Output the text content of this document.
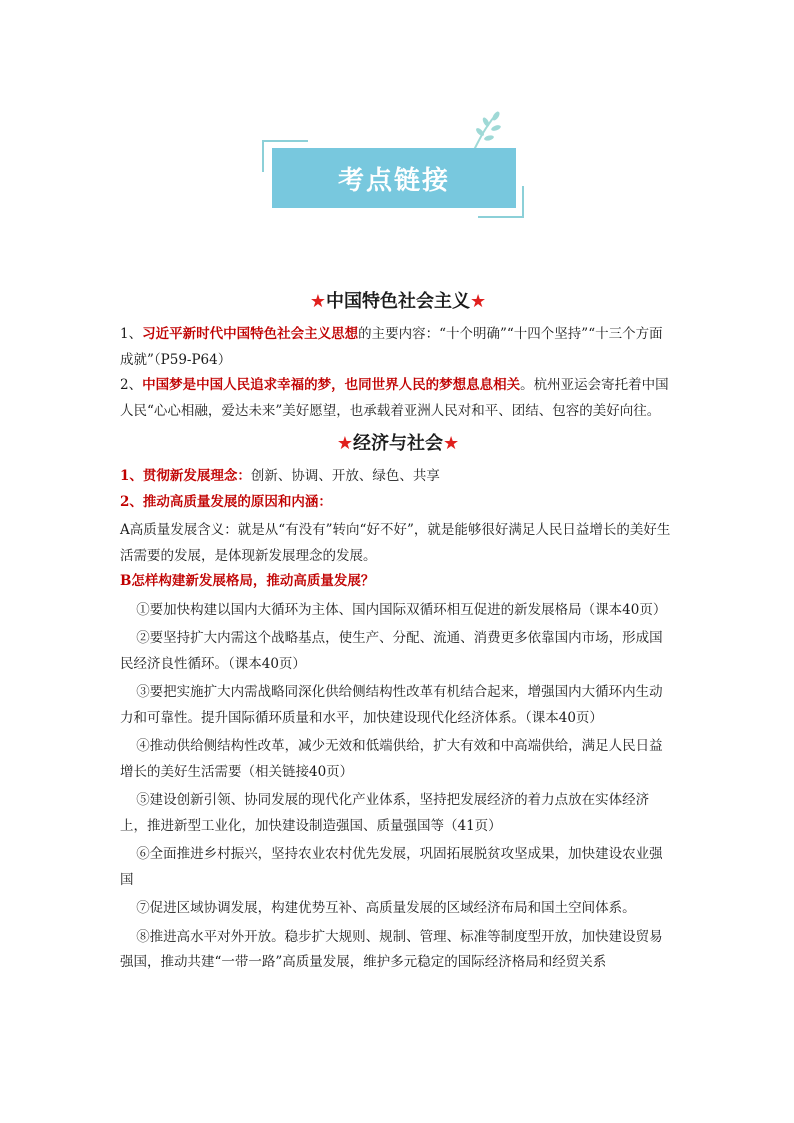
考点链接
★中国特色社会主义★

1、习近平新时代中国特色社会主义思想的主要内容：“十个明确”“十四个坚持”“十三个方面成就”（P59-P64）

2、中国梦是中国人民追求幸福的梦，也同世界人民的梦想息息相关。杭州亚运会寄托着中国人民“心心相融，爱达未来”美好愿望，也承载着亚洲人民对和平、团结、包容的美好向往。

★经济与社会★

1、贯彻新发展理念：创新、协调、开放、绿色、共享

2、推动高质量发展的原因和内涵：

A高质量发展含义：就是从“有没有”转向“好不好”，就是能够很好满足人民日益增长的美好生活需要的发展，是体现新发展理念的发展。

B怎样构建新发展格局，推动高质量发展？

①要加快构建以国内大循环为主体、国内国际双循环相互促进的新发展格局（课本40页）

②要坚持扩大内需这个战略基点，使生产、分配、流通、消费更多依靠国内市场，形成国民经济良性循环。（课本40页）

③要把实施扩大内需战略同深化供给侧结构性改革有机结合起来，增强国内大循环内生动力和可靠性。提升国际循环质量和水平，加快建设现代化经济体系。（课本40页）

④推动供给侧结构性改革，减少无效和低端供给，扩大有效和中高端供给，满足人民日益增长的美好生活需要（相关链接40页）

⑤建设创新引领、协同发展的现代化产业体系，坚持把发展经济的着力点放在实体经济上，推进新型工业化，加快建设制造强国、质量强国等（41页）

⑥全面推进乡村振兴，坚持农业农村优先发展，巩固拓展脱贫攻坚成果，加快建设农业强国

⑦促进区域协调发展，构建优势互补、高质量发展的区域经济布局和国土空间体系。

⑧推进高水平对外开放。稳步扩大规则、规制、管理、标准等制度型开放，加快建设贸易强国，推动共建“一带一路”高质量发展，维护多元稳定的国际经济格局和经贸关系
